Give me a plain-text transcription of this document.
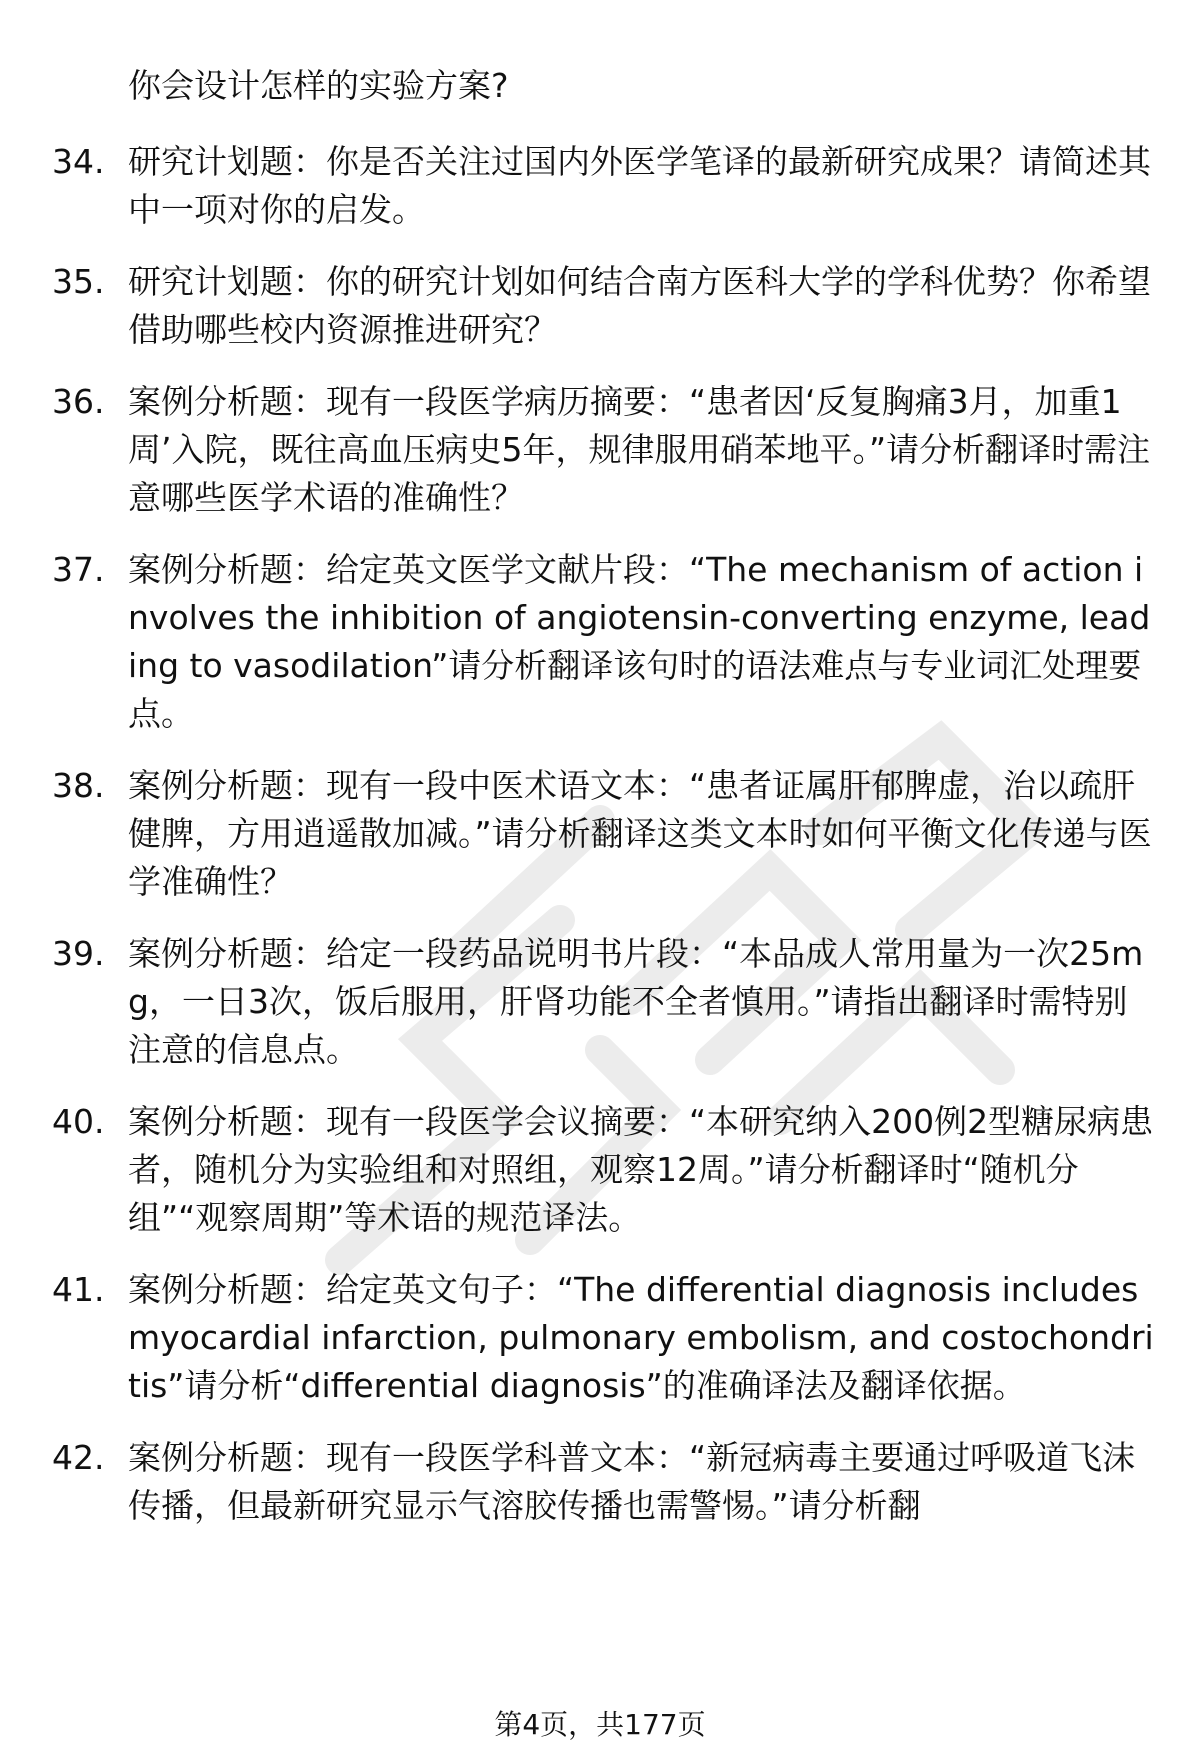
你会设计怎样的实验方案?
34. 研究计划题：你是否关注过国内外医学笔译的最新研究成果？请简述其中一项对你的启发。
35. 研究计划题：你的研究计划如何结合南方医科大学的学科优势？你希望借助哪些校内资源推进研究？
36. 案例分析题：现有一段医学病历摘要：“患者因‘反复胸痛3月，加重1周’入院，既往高血压病史5年，规律服用硝苯地平。”请分析翻译时需注意哪些医学术语的准确性？
37. 案例分析题：给定英文医学文献片段：“The mechanism of action involves the inhibition of angiotensin-converting enzyme, leading to vasodilation”请分析翻译该句时的语法难点与专业词汇处理要点。
38. 案例分析题：现有一段中医术语文本：“患者证属肝郁脾虚，治以疏肝健脾，方用逍遥散加减。”请分析翻译这类文本时如何平衡文化传递与医学准确性？
39. 案例分析题：给定一段药品说明书片段：“本品成人常用量为一次25mg，一日3次，饭后服用，肝肾功能不全者慎用。”请指出翻译时需特别注意的信息点。
40. 案例分析题：现有一段医学会议摘要：“本研究纳入200例2型糖尿病患者，随机分为实验组和对照组，观察12周。”请分析翻译时“随机分组”“观察周期”等术语的规范译法。
41. 案例分析题：给定英文句子：“The differential diagnosis includes myocardial infarction, pulmonary embolism, and costochondritis”请分析“differential diagnosis”的准确译法及翻译依据。
42. 案例分析题：现有一段医学科普文本：“新冠病毒主要通过呼吸道飞沫传播，但最新研究显示气溶胶传播也需警惕。”请分析翻
第4页，共177页
